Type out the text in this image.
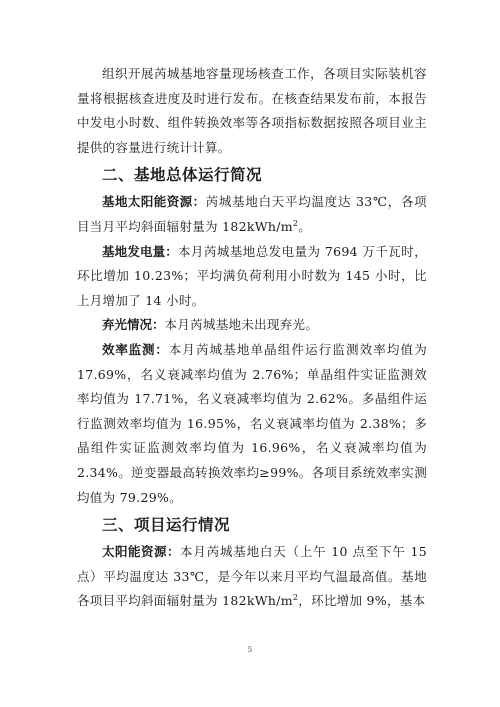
组织开展芮城基地容量现场核查工作，各项目实际装机容量将根据核查进度及时进行发布。在核查结果发布前，本报告中发电小时数、组件转换效率等各项指标数据按照各项目业主提供的容量进行统计计算。

二、基地总体运行简况

基地太阳能资源：芮城基地白天平均温度达 33℃，各项目当月平均斜面辐射量为 $182kWh/m^2$。

基地发电量：本月芮城基地总发电量为 7694 万千瓦时，环比增加 10.23%；平均满负荷利用小时数为 145 小时，比上月增加了 14 小时。

弃光情况：本月芮城基地未出现弃光。

效率监测：本月芮城基地单晶组件运行监测效率均值为 17.69%，名义衰减率均值为 2.76%；单晶组件实证监测效率均值为 17.71%，名义衰减率均值为 2.62%。多晶组件运行监测效率均值为 16.95%，名义衰减率均值为 2.38%；多晶组件实证监测效率均值为 16.96%，名义衰减率均值为 2.34%。逆变器最高转换效率均≥99%。各项目系统效率实测均值为 79.29%。

三、项目运行情况

太阳能资源：本月芮城基地白天（上午 10 点至下午 15 点）平均温度达 33℃，是今年以来月平均气温最高值。基地各项目平均斜面辐射量为 $182kWh/m^2$，环比增加 9%，基本

5
